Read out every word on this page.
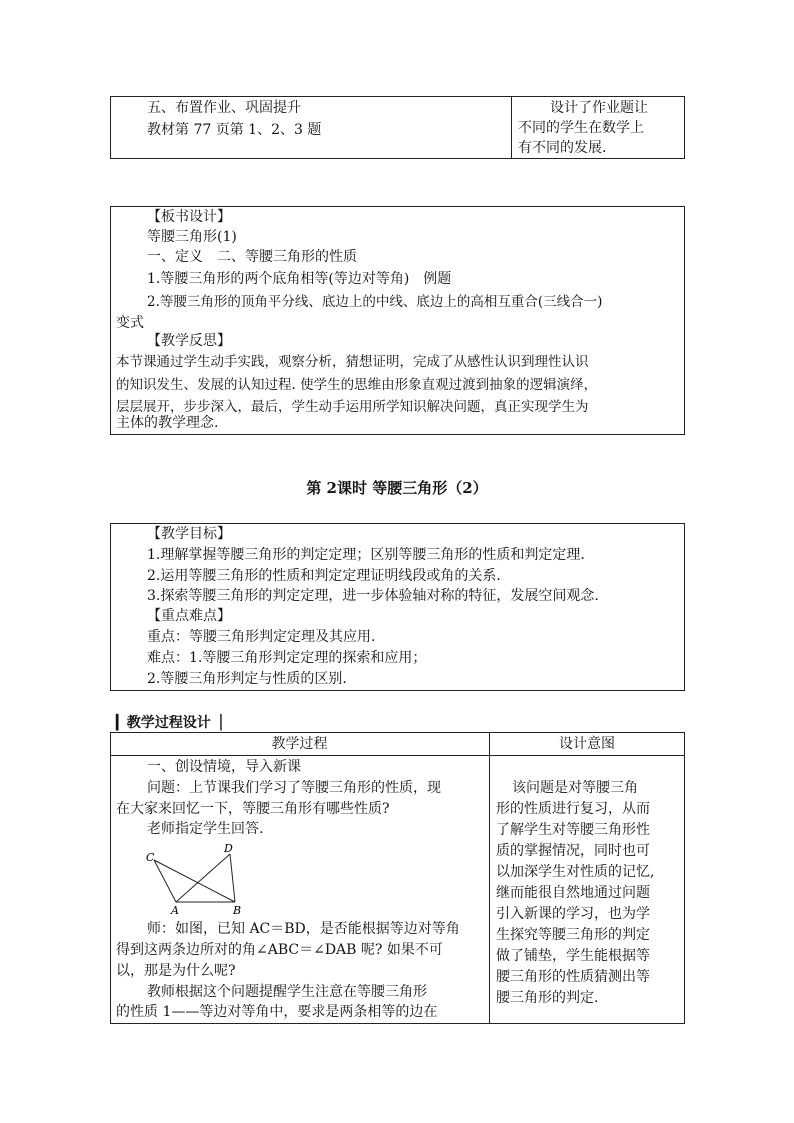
五、布置作业、巩固提升
教材第 77 页第 1、2、3 题
设计了作业题让
不同的学生在数学上
有不同的发展.
【板书设计】
等腰三角形(1)
一、定义　二、等腰三角形的性质
1.等腰三角形的两个底角相等(等边对等角)　例题
2.等腰三角形的顶角平分线、底边上的中线、底边上的高相互重合(三线合一)
变式
【教学反思】
本节课通过学生动手实践，观察分析，猜想证明，完成了从感性认识到理性认识
的知识发生、发展的认知过程. 使学生的思维由形象直观过渡到抽象的逻辑演绎，
层层展开，步步深入，最后，学生动手运用所学知识解决问题，真正实现学生为
主体的教学理念.
第 2课时 等腰三角形（2）
【教学目标】
1.理解掌握等腰三角形的判定定理；区别等腰三角形的性质和判定定理.
2.运用等腰三角形的性质和判定定理证明线段或角的关系.
3.探索等腰三角形的判定定理，进一步体验轴对称的特征，发展空间观念.
【重点难点】
重点：等腰三角形判定定理及其应用.
难点：1.等腰三角形判定定理的探索和应用；
2.等腰三角形判定与性质的区别.
▎教学过程设计▕
教学过程	设计意图
一、创设情境，导入新课
问题：上节课我们学习了等腰三角形的性质，现
在大家来回忆一下，等腰三角形有哪些性质?
老师指定学生回答.
C
D
A	B
师：如图，已知 AC＝BD，是否能根据等边对等角
得到这两条边所对的角∠ABC＝∠DAB 呢? 如果不可
以，那是为什么呢?
教师根据这个问题提醒学生注意在等腰三角形
的性质 1——等边对等角中，要求是两条相等的边在
该问题是对等腰三角
形的性质进行复习，从而
了解学生对等腰三角形性
质的掌握情况，同时也可
以加深学生对性质的记忆,
继而能很自然地通过问题
引入新课的学习，也为学
生探究等腰三角形的判定
做了铺垫，学生能根据等
腰三角形的性质猜测出等
腰三角形的判定.
